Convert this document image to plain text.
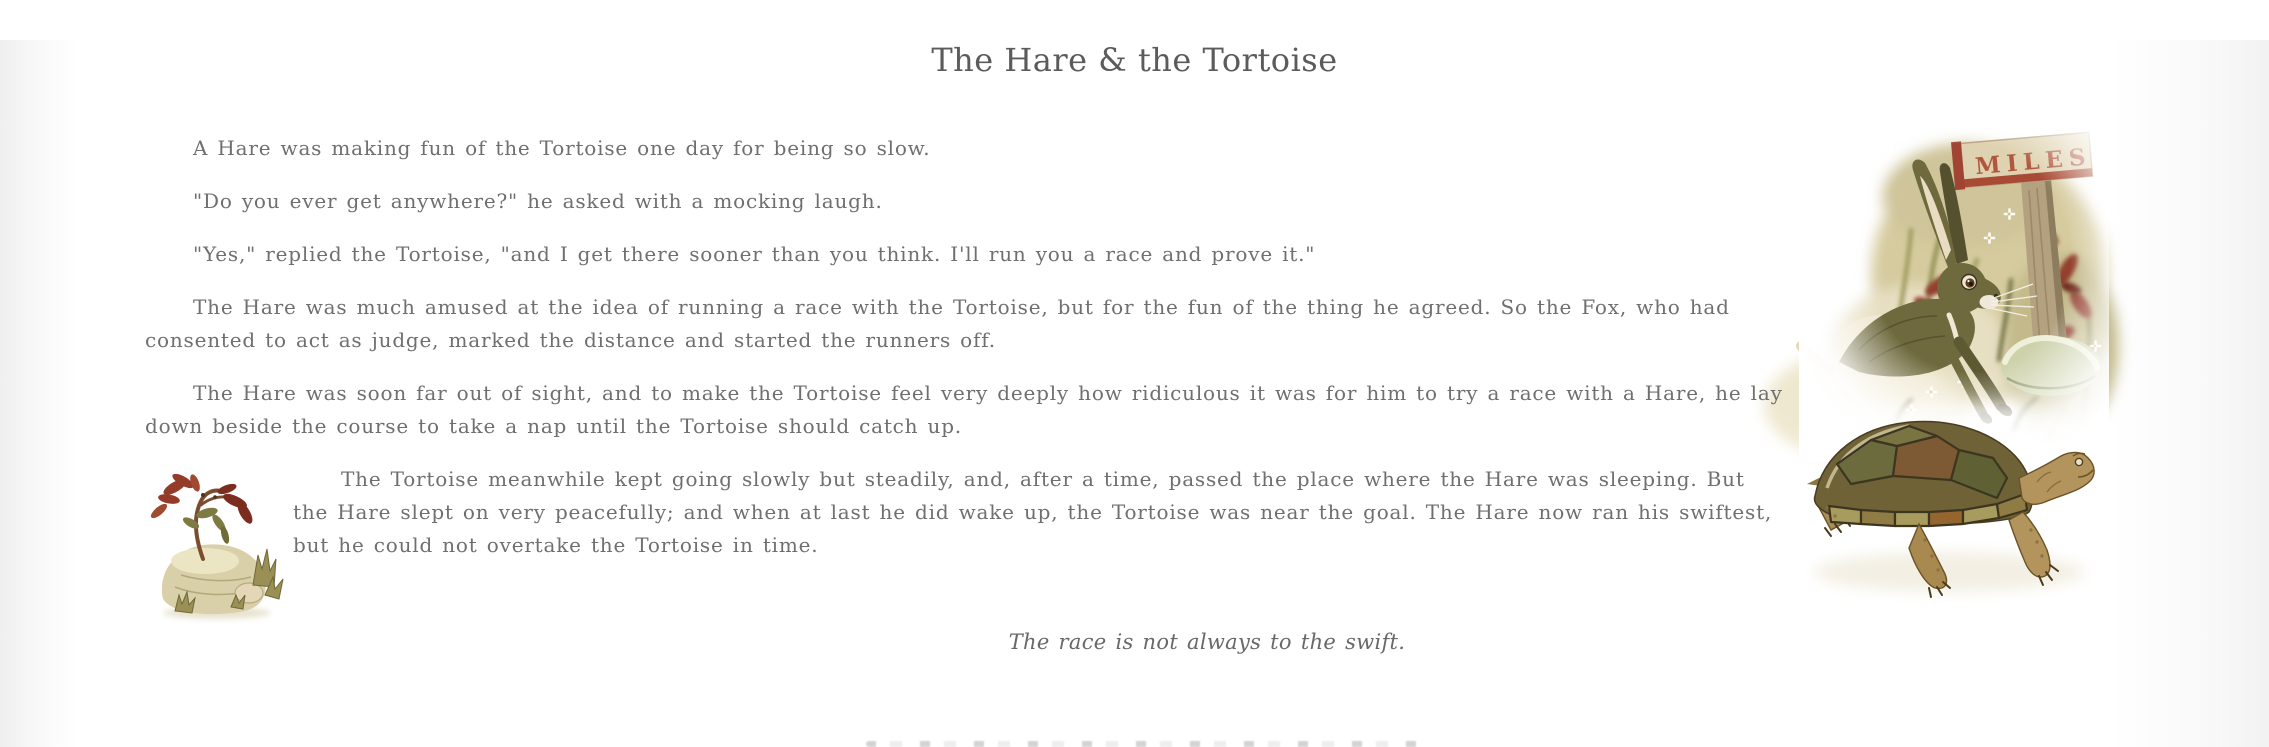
The Hare & the Tortoise

A Hare was making fun of the Tortoise one day for being so slow.

"Do you ever get anywhere?" he asked with a mocking laugh.

"Yes," replied the Tortoise, "and I get there sooner than you think. I'll run you a race and prove it."

The Hare was much amused at the idea of running a race with the Tortoise, but for the fun of the thing he agreed. So the Fox, who had consented to act as judge, marked the distance and started the runners off.

The Hare was soon far out of sight, and to make the Tortoise feel very deeply how ridiculous it was for him to try a race with a Hare, he lay down beside the course to take a nap until the Tortoise should catch up.

The Tortoise meanwhile kept going slowly but steadily, and, after a time, passed the place where the Hare was sleeping. But the Hare slept on very peacefully; and when at last he did wake up, the Tortoise was near the goal. The Hare now ran his swiftest, but he could not overtake the Tortoise in time.

The race is not always to the swift.
